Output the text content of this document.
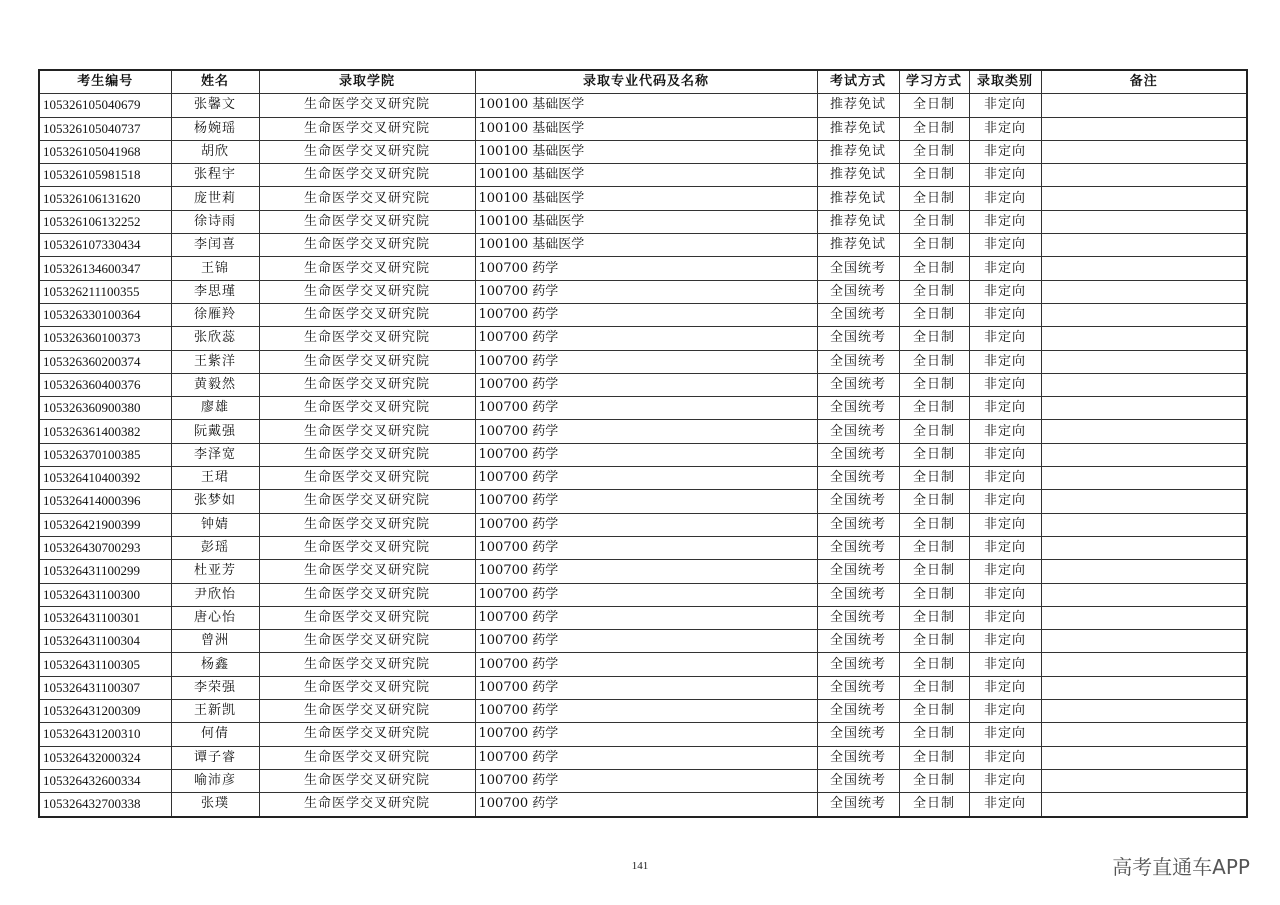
考生编号	姓名	录取学院	录取专业代码及名称	考试方式	学习方式	录取类别	备注
105326105040679	张馨文	生命医学交叉研究院	100100 基础医学	推荐免试	全日制	非定向	
105326105040737	杨婉瑶	生命医学交叉研究院	100100 基础医学	推荐免试	全日制	非定向	
105326105041968	胡欣	生命医学交叉研究院	100100 基础医学	推荐免试	全日制	非定向	
105326105981518	张程宇	生命医学交叉研究院	100100 基础医学	推荐免试	全日制	非定向	
105326106131620	庞世莉	生命医学交叉研究院	100100 基础医学	推荐免试	全日制	非定向	
105326106132252	徐诗雨	生命医学交叉研究院	100100 基础医学	推荐免试	全日制	非定向	
105326107330434	李闰喜	生命医学交叉研究院	100100 基础医学	推荐免试	全日制	非定向	
105326134600347	王锦	生命医学交叉研究院	100700 药学	全国统考	全日制	非定向	
105326211100355	李思瑾	生命医学交叉研究院	100700 药学	全国统考	全日制	非定向	
105326330100364	徐雁羚	生命医学交叉研究院	100700 药学	全国统考	全日制	非定向	
105326360100373	张欣蕊	生命医学交叉研究院	100700 药学	全国统考	全日制	非定向	
105326360200374	王紫洋	生命医学交叉研究院	100700 药学	全国统考	全日制	非定向	
105326360400376	黄毅然	生命医学交叉研究院	100700 药学	全国统考	全日制	非定向	
105326360900380	廖雄	生命医学交叉研究院	100700 药学	全国统考	全日制	非定向	
105326361400382	阮戴强	生命医学交叉研究院	100700 药学	全国统考	全日制	非定向	
105326370100385	李泽宽	生命医学交叉研究院	100700 药学	全国统考	全日制	非定向	
105326410400392	王珺	生命医学交叉研究院	100700 药学	全国统考	全日制	非定向	
105326414000396	张梦如	生命医学交叉研究院	100700 药学	全国统考	全日制	非定向	
105326421900399	钟婧	生命医学交叉研究院	100700 药学	全国统考	全日制	非定向	
105326430700293	彭瑶	生命医学交叉研究院	100700 药学	全国统考	全日制	非定向	
105326431100299	杜亚芳	生命医学交叉研究院	100700 药学	全国统考	全日制	非定向	
105326431100300	尹欣怡	生命医学交叉研究院	100700 药学	全国统考	全日制	非定向	
105326431100301	唐心怡	生命医学交叉研究院	100700 药学	全国统考	全日制	非定向	
105326431100304	曾洲	生命医学交叉研究院	100700 药学	全国统考	全日制	非定向	
105326431100305	杨鑫	生命医学交叉研究院	100700 药学	全国统考	全日制	非定向	
105326431100307	李荣强	生命医学交叉研究院	100700 药学	全国统考	全日制	非定向	
105326431200309	王新凯	生命医学交叉研究院	100700 药学	全国统考	全日制	非定向	
105326431200310	何倩	生命医学交叉研究院	100700 药学	全国统考	全日制	非定向	
105326432000324	谭子睿	生命医学交叉研究院	100700 药学	全国统考	全日制	非定向	
105326432600334	喻沛彦	生命医学交叉研究院	100700 药学	全国统考	全日制	非定向	
105326432700338	张璞	生命医学交叉研究院	100700 药学	全国统考	全日制	非定向	
141	高考直通车APP
